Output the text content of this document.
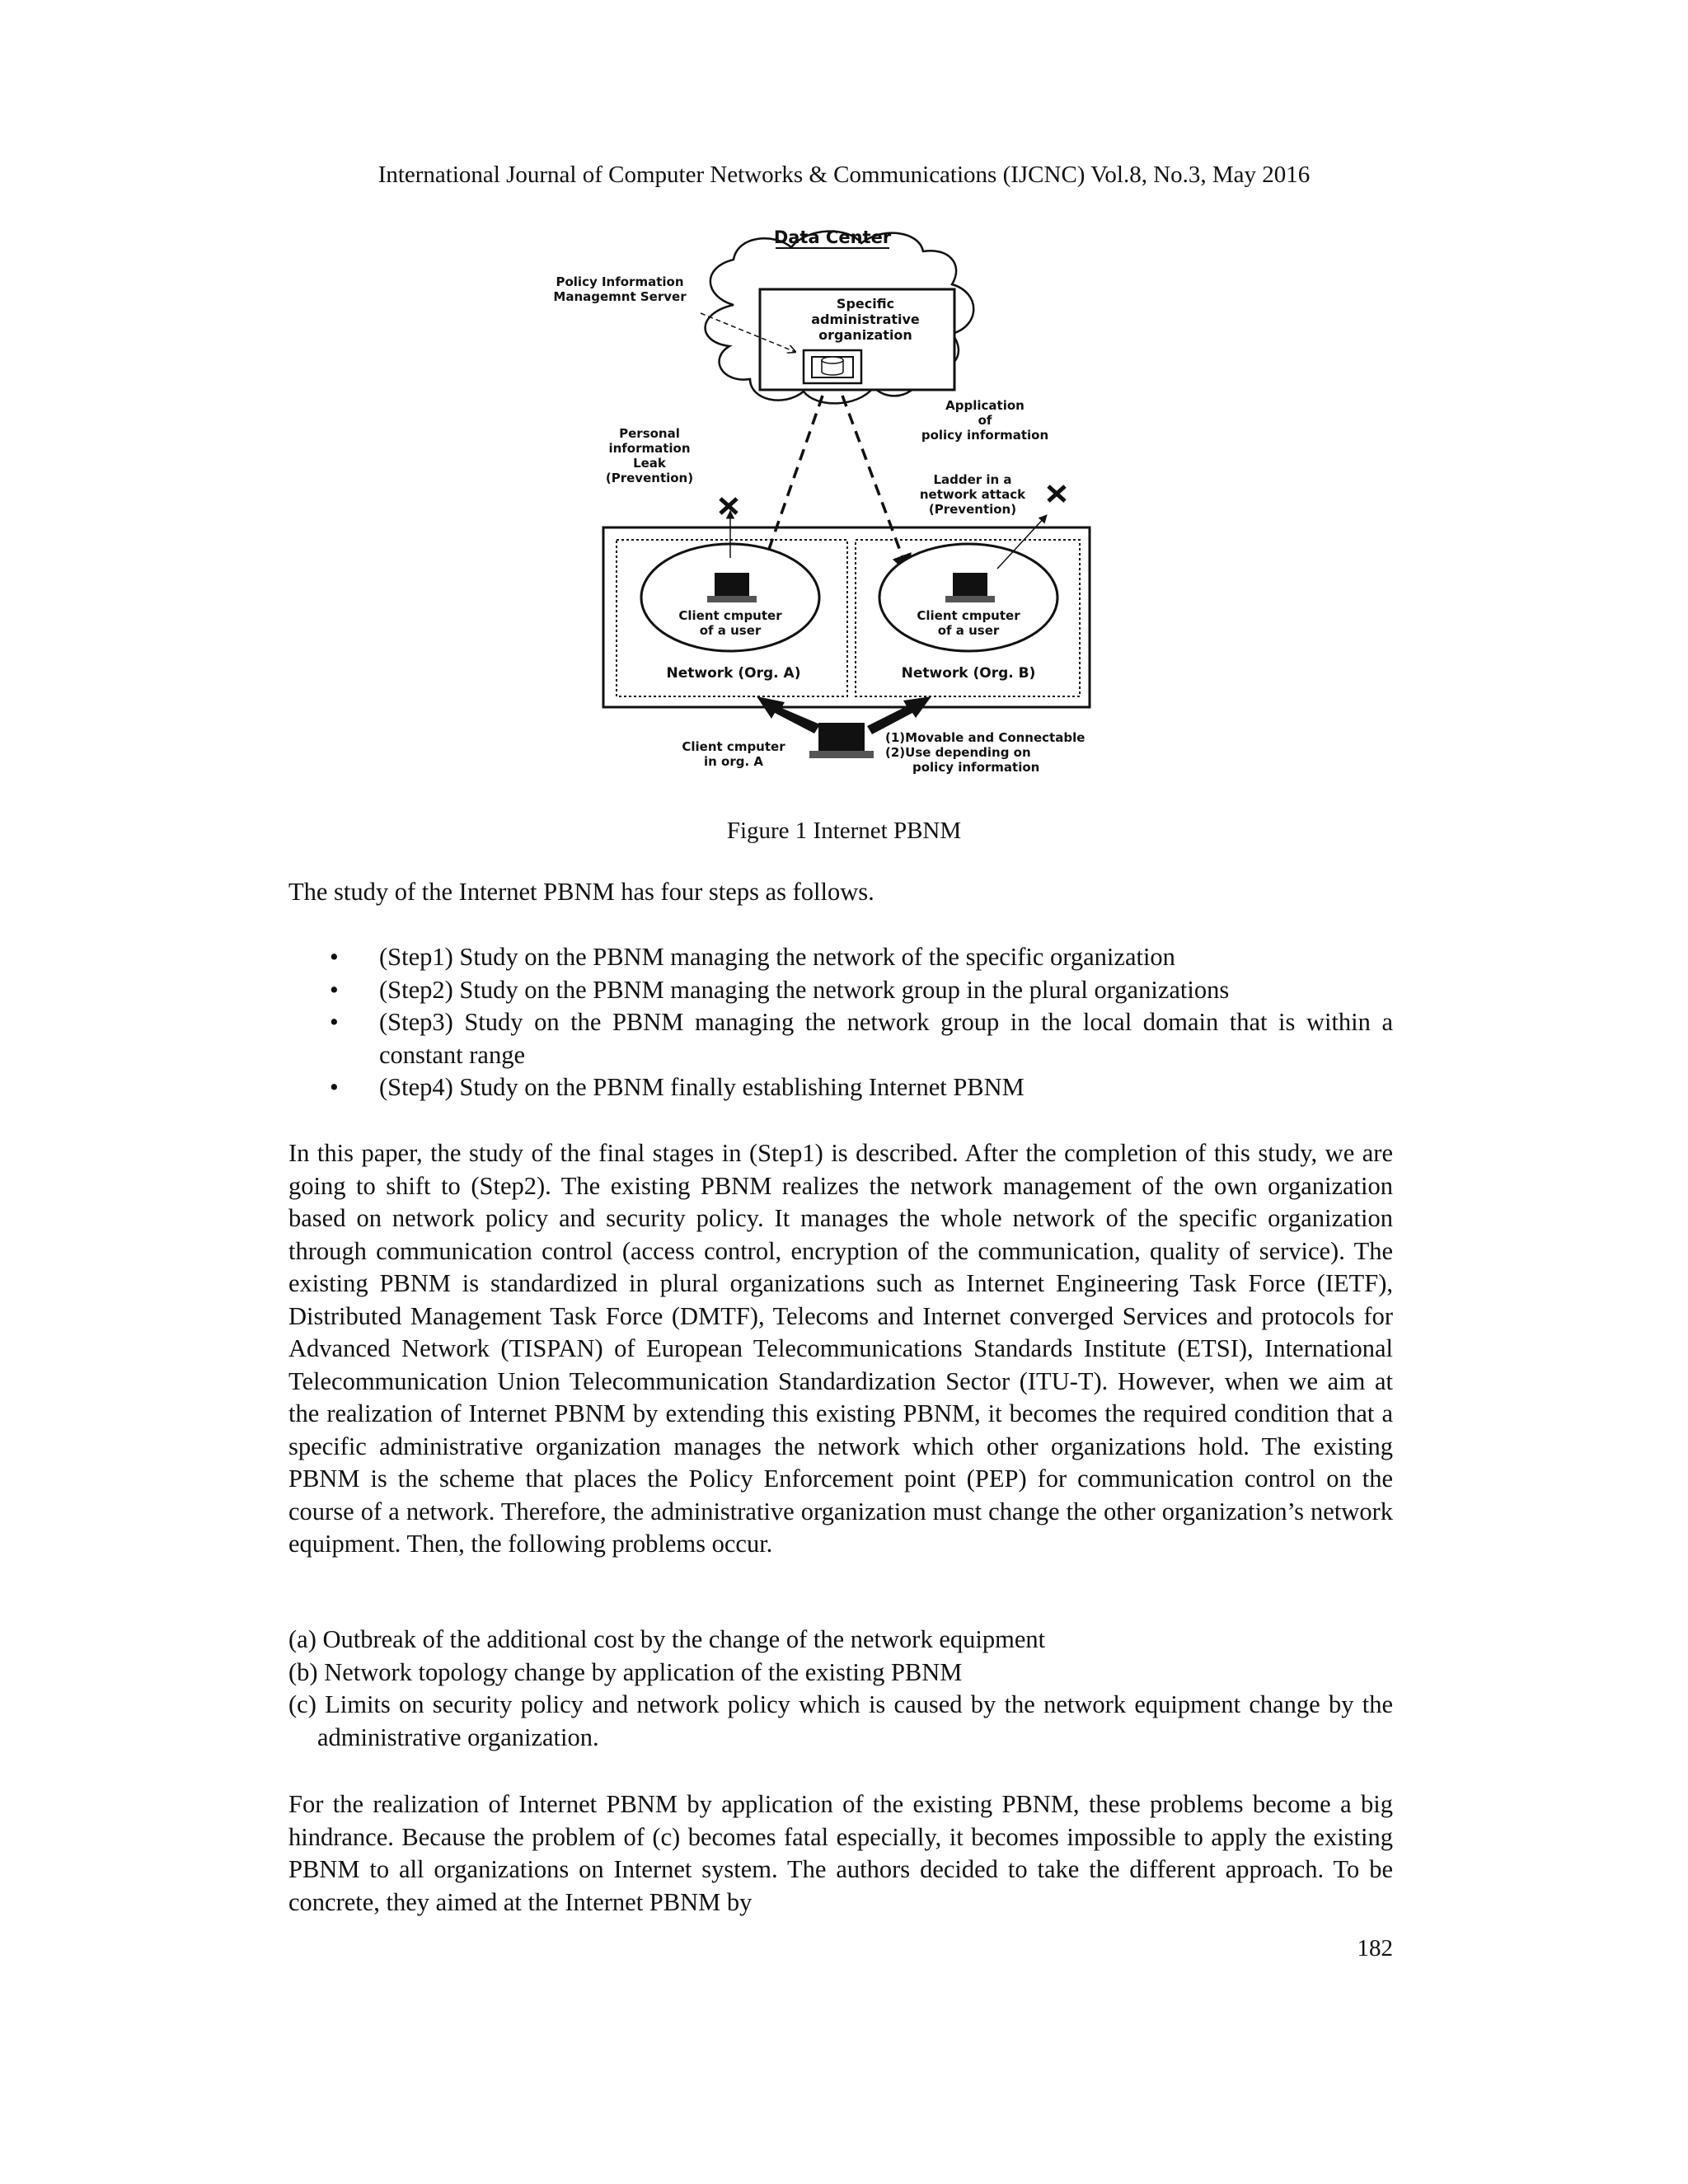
International Journal of Computer Networks & Communications (IJCNC) Vol.8, No.3, May 2016
Data Center
Specific
administrative
organization
Policy Information
Managemnt Server
Personal
information
Leak
(Prevention)
Application
of
policy information
Ladder in a
network attack
(Prevention)
Client cmputer
of a user
Client cmputer
of a user
Network (Org. A)	Network (Org. B)
Client cmputer
in org. A
(1)Movable and Connectable
(2)Use depending on
policy information
Figure 1 Internet PBNM
The study of the Internet PBNM has four steps as follows.
• (Step1) Study on the PBNM managing the network of the specific organization
• (Step2) Study on the PBNM managing the network group in the plural organizations
• (Step3) Study on the PBNM managing the network group in the local domain that is within a constant range
• (Step4) Study on the PBNM finally establishing Internet PBNM

In this paper, the study of the final stages in (Step1) is described. After the completion of this study, we are going to shift to (Step2). The existing PBNM realizes the network management of the own organization based on network policy and security policy. It manages the whole network of the specific organization through communication control (access control, encryption of the communication, quality of service). The existing PBNM is standardized in plural organizations such as Internet Engineering Task Force (IETF), Distributed Management Task Force (DMTF), Telecoms and Internet converged Services and protocols for Advanced Network (TISPAN) of European Telecommunications Standards Institute (ETSI), International Telecommunication Union Telecommunication Standardization Sector (ITU-T). However, when we aim at the realization of Internet PBNM by extending this existing PBNM, it becomes the required condition that a specific administrative organization manages the network which other organizations hold. The existing PBNM is the scheme that places the Policy Enforcement point (PEP) for communication control on the course of a network. Therefore, the administrative organization must change the other organization’s network equipment. Then, the following problems occur.

(a) Outbreak of the additional cost by the change of the network equipment
(b) Network topology change by application of the existing PBNM
(c) Limits on security policy and network policy which is caused by the network equipment change by the administrative organization.

For the realization of Internet PBNM by application of the existing PBNM, these problems become a big hindrance. Because the problem of (c) becomes fatal especially, it becomes impossible to apply the existing PBNM to all organizations on Internet system. The authors decided to take the different approach. To be concrete, they aimed at the Internet PBNM by

182
